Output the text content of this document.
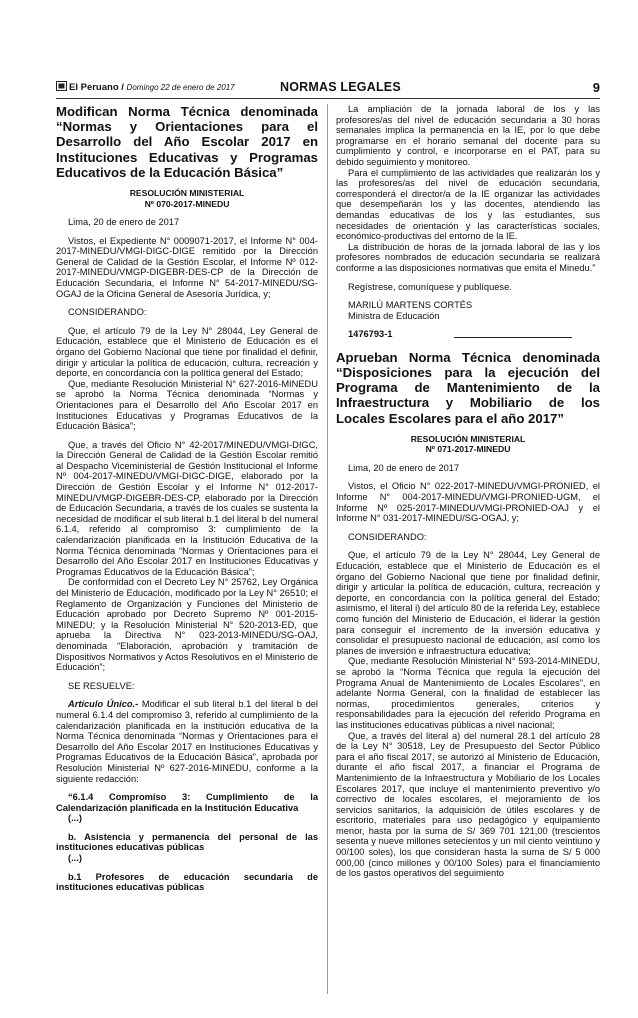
El Peruano / Domingo 22 de enero de 2017	NORMAS LEGALES	9

Modifican Norma Técnica denominada “Normas y Orientaciones para el Desarrollo del Año Escolar 2017 en Instituciones Educativas y Programas Educativos de la Educación Básica”

RESOLUCIÓN MINISTERIAL

Nº 070-2017-MINEDU

Lima, 20 de enero de 2017

Vistos, el Expediente N° 0009071-2017, el Informe N° 004-2017-MINEDU/VMGI-DIGC-DIGE remitido por la Dirección General de Calidad de la Gestión Escolar, el Informe Nº 012-2017-MINEDU/VMGP-DIGEBR-DES-CP de la Dirección de Educación Secundaria, el Informe N° 54-2017-MINEDU/SG-OGAJ de la Oficina General de Asesoría Jurídica, y;

CONSIDERANDO:

Que, el artículo 79 de la Ley N° 28044, Ley General de Educación, establece que el Ministerio de Educación es el órgano del Gobierno Nacional que tiene por finalidad el definir, dirigir y articular la política de educación, cultura, recreación y deporte, en concordancia con la política general del Estado;

Que, mediante Resolución Ministerial N° 627-2016-MINEDU se aprobó la Norma Técnica denominada “Normas y Orientaciones para el Desarrollo del Año Escolar 2017 en Instituciones Educativas y Programas Educativos de la Educación Básica”;

Que, a través del Oficio N° 42-2017/MINEDU/VMGI-DIGC, la Dirección General de Calidad de la Gestión Escolar remitió al Despacho Viceministerial de Gestión Institucional el Informe Nº 004-2017-MINEDU/VMGI-DIGC-DIGE, elaborado por la Dirección de Gestión Escolar y el Informe N° 012-2017-MINEDU/VMGP-DIGEBR-DES-CP, elaborado por la Dirección de Educación Secundaria, a través de los cuales se sustenta la necesidad de modificar el sub literal b.1 del literal b del numeral 6.1.4, referido al compromiso 3: cumplimiento de la calendarización planificada en la Institución Educativa de la Norma Técnica denominada “Normas y Orientaciones para el Desarrollo del Año Escolar 2017 en Instituciones Educativas y Programas Educativos de la Educación Básica”;

De conformidad con el Decreto Ley N° 25762, Ley Orgánica del Ministerio de Educación, modificado por la Ley N° 26510; el Reglamento de Organización y Funciones del Ministerio de Educación aprobado por Decreto Supremo Nº 001-2015-MINEDU; y la Resolución Ministerial N° 520-2013-ED, que aprueba la Directiva N° 023-2013-MINEDU/SG-OAJ, denominada “Elaboración, aprobación y tramitación de Dispositivos Normativos y Actos Resolutivos en el Ministerio de Educación”;

SE RESUELVE:

Artículo Único.- Modificar el sub literal b.1 del literal b del numeral 6.1.4 del compromiso 3, referido al cumplimiento de la calendarización planificada en la institución educativa de la Norma Técnica denominada “Normas y Orientaciones para el Desarrollo del Año Escolar 2017 en Instituciones Educativas y Programas Educativos de la Educación Básica”, aprobada por Resolución Ministerial Nº 627-2016-MINEDU, conforme a la siguiente redacción:

“6.1.4 Compromiso 3: Cumplimiento de la Calendarización planificada en la Institución Educativa

(...)

b. Asistencia y permanencia del personal de las instituciones educativas públicas

(...)

b.1 Profesores de educación secundaria de instituciones educativas públicas

La ampliación de la jornada laboral de los y las profesores/as del nivel de educación secundaria a 30 horas semanales implica la permanencia en la IE, por lo que debe programarse en el horario semanal del docente para su cumplimiento y control, e incorporarse en el PAT, para su debido seguimiento y monitoreo.

Para el cumplimiento de las actividades que realizarán los y las profesores/as del nivel de educación secundaria, corresponderá el director/a de la IE organizar las actividades que desempeñarán los y las docentes, atendiendo las demandas educativas de los y las estudiantes, sus necesidades de orientación y las características sociales, económico-productivas del entorno de la IE.

La distribución de horas de la jornada laboral de las y los profesores nombrados de educación secundaria se realizará conforme a las disposiciones normativas que emita el Minedu.”

Regístrese, comuníquese y publíquese.

MARILÚ MARTENS CORTÉS

Ministra de Educación

1476793-1

Aprueban Norma Técnica denominada “Disposiciones para la ejecución del Programa de Mantenimiento de la Infraestructura y Mobiliario de los Locales Escolares para el año 2017”

RESOLUCIÓN MINISTERIAL

Nº 071-2017-MINEDU

Lima, 20 de enero de 2017

Vistos, el Oficio N° 022-2017-MINEDU/VMGI-PRONIED, el Informe N° 004-2017-MINEDU/VMGI-PRONIED-UGM, el Informe Nº 025-2017-MINEDU/VMGI-PRONIED-OAJ y el Informe N° 031-2017-MINEDU/SG-OGAJ, y;

CONSIDERANDO:

Que, el artículo 79 de la Ley N° 28044, Ley General de Educación, establece que el Ministerio de Educación es el órgano del Gobierno Nacional que tiene por finalidad definir, dirigir y articular la política de educación, cultura, recreación y deporte, en concordancia con la política general del Estado; asimismo, el literal i) del artículo 80 de la referida Ley, establece como función del Ministerio de Educación, el liderar la gestión para conseguir el incremento de la inversión educativa y consolidar el presupuesto nacional de educación, así como los planes de inversión e infraestructura educativa;

Que, mediante Resolución Ministerial N° 593-2014-MINEDU, se aprobó la “Norma Técnica que regula la ejecución del Programa Anual de Mantenimiento de Locales Escolares”, en adelante Norma General, con la finalidad de establecer las normas, procedimientos generales, criterios y responsabilidades para la ejecución del referido Programa en las instituciones educativas públicas a nivel nacional;

Que, a través del literal a) del numeral 28.1 del artículo 28 de la Ley N° 30518, Ley de Presupuesto del Sector Público para el año fiscal 2017, se autorizó al Ministerio de Educación, durante el año fiscal 2017, a financiar el Programa de Mantenimiento de la Infraestructura y Mobiliario de los Locales Escolares 2017, que incluye el mantenimiento preventivo y/o correctivo de locales escolares, el mejoramiento de los servicios sanitarios, la adquisición de útiles escolares y de escritorio, materiales para uso pedagógico y equipamiento menor, hasta por la suma de S/ 369 701 121,00 (trescientos sesenta y nueve millones setecientos y un mil ciento veintiuno y 00/100 soles), los que consideran hasta la suma de S/ 5 000 000,00 (cinco millones y 00/100 Soles) para el financiamiento de los gastos operativos del seguimiento
